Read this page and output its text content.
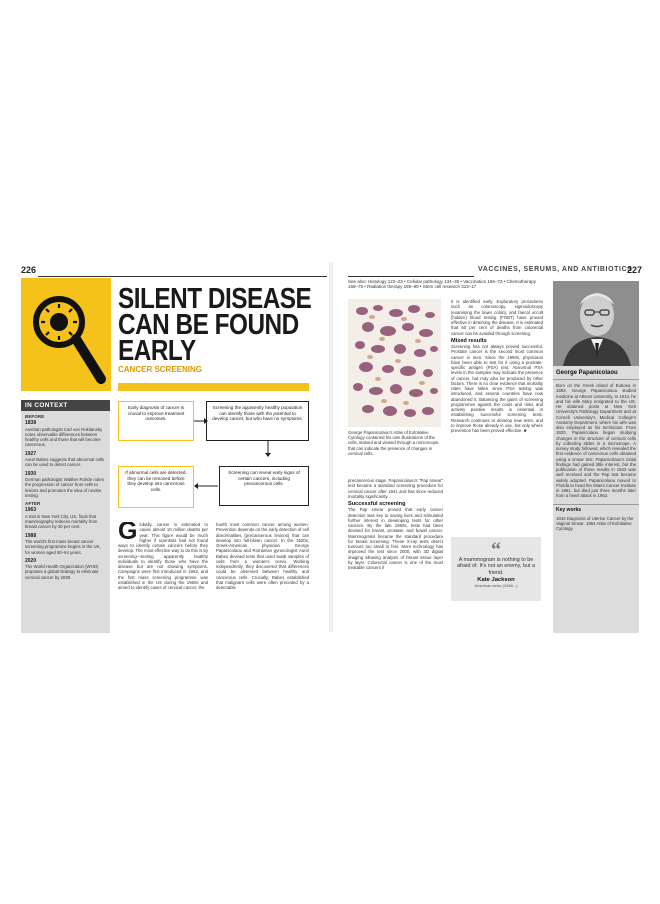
226	VACCINES, SERUMS, AND ANTIBIOTICS
227
SILENT DISEASE
CAN BE FOUND
EARLY
CANCER SCREENING
IN CONTEXT
BEFORE
1838
Austrian pathologist Carl von Rokitansky notes observable differences between healthy cells and those that will become cancerous.
1927
Aurel Babeș suggests that abnormal cells can be used to detect cancer.
1930
German pathologist Walther Rohde notes the progression of cancer from cells to lesions and promotes the idea of routine testing.
AFTER
1963
A trial in New York City, US, finds that mammography reduces mortality from breast cancer by 30 per cent.
1988
The world's first mass breast cancer screening programme begins in the UK, for women aged 50–64 years.
2020
The World Health Organization (WHO) proposes a global strategy to eliminate cervical cancer by 2030.
Early diagnosis of cancer is crucial to improve treatment outcomes.
Screening the apparently healthy population can identify those with the potential to develop cancer, but who have no symptoms.
If abnormal cells are detected, they can be removed before they develop into cancerous cells.
Screening can reveal early signs of certain cancers, including precancerous cells.
Globally, cancer is estimated to cause almost 10 million deaths per year. This figure would be much higher if scientists had not found ways to identify certain cancers before they develop. The most effective way to do this is by screening—testing apparently healthy individuals to identify those who have the disease but are not showing symptoms. Campaigns were first introduced in 1963, and the first mass screening programme was established in the US during the 1960s and aimed to identify cases of cervical cancer, the
fourth most common cancer among women. Prevention depends on the early detection of cell abnormalities (precancerous lesions) that can develop into full-blown cancer. In the 1920s, Greek-American physician George Papanicolaou and Romanian gynecologist Aurel Babeș devised tests that used swab samples of cells from a woman's cervix. Working independently, they discovered that differences could be observed between healthy and cancerous cells. Crucially, Babeș established that malignant cells were often preceded by a detectable
See also: Histology 122–23 • Cellular pathology 134–35 • Vaccination 166–73 • Chemotherapy 168–75 • Radiation therapy 185–89 • Stem cell research 313–17
George Papanicolaou's Atlas of Exfoliative Cytology contained his own illustrations of the cells, stained and viewed through a microscope, that can indicate the presence of changes in cervical cells.
precancerous stage. Papanicolaou's "Pap smear" test became a standard screening procedure for cervical cancer after 1941 and has since reduced mortality significantly.
Successful screening
The Pap smear proved that early cancer detection was key to saving lives and stimulated further interest in developing tests for other cancers. By the late 1950s, tests had been devised for breast, prostate, and bowel cancer. Mammograms became the standard procedure for breast screening. These X-ray tests detect tumours too small to feel. More technology has improved the test since 2000, with 3D digital imaging allowing analysis of breast tissue layer by layer. Colorectal cancer is one of the most treatable cancers if
it is identified early. Exploratory procedures such as colonoscopy, sigmoidoscopy (examining the lower colon), and faecal occult (hidden) blood testing (FOBT) have proved effective in detecting the disease. It is estimated that 60 per cent of deaths from colorectal cancer can be avoided through screening.
Mixed results
Screening has not always proved successful. Prostate cancer is the second most common cancer in men. Since the 1990s, physicians have been able to test for it using a prostate-specific antigen (PSA) test. Abnormal PSA levels in the samples may indicate the presence of cancer, but may also be produced by other factors. There is no clear evidence that mortality rates have fallen since PSA testing was introduced, and several countries have now abandoned it. Balancing the gains of screening programmes against the costs and risks and actively positive results is essential in establishing successful screening tests. Research continues to develop new tests, and to improve those already in use, but only where prevention has been proved effective. ■
“
A mammogram is nothing to be afraid of. It's not an enemy, but a friend.
Kate Jackson
American actor (1948– )
George Papanicolaou
Born on the Greek island of Euboea in 1883, George Papanicolaou studied medicine at Athens University. In 1913, he and his wife Mary emigrated to the US. He obtained posts at New York University's Pathology Department and at Cornell University's Medical College's Anatomy Department, where his wife was also employed as his technician. From 1920, Papanicolaou began studying changes in the structure of cervical cells by collecting slides in a microscope. A survey study followed, which revealed the first evidence of cancerous cells obtained using a smear test. Papanicolaou's initial findings had gained little interest, but the publication of these results in 1943 was well received and the Pap test became widely adopted. Papanicolaou moved to Florida to head the Miami Cancer Institute in 1961, but died just three months later from a heart attack in 1962.
Key works
1943 Diagnosis of Uterine Cancer by the Vaginal Smear. 1954 Atlas of Exfoliative Cytology
